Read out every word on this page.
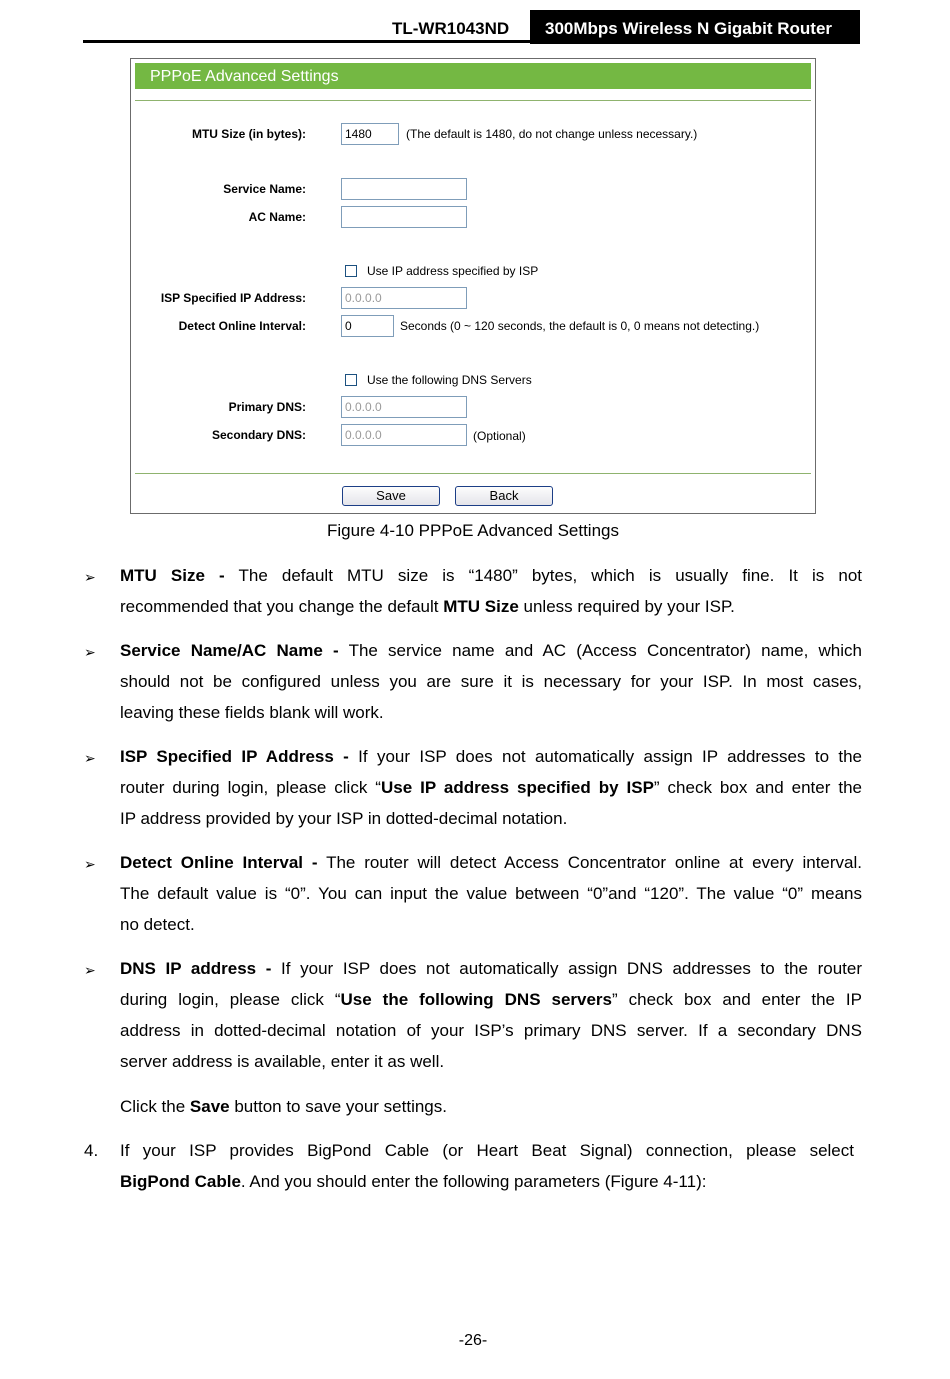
TL-WR1043ND	300Mbps Wireless N Gigabit Router
PPPoE Advanced Settings
MTU Size (in bytes):	1480	(The default is 1480, do not change unless necessary.)
Service Name:
AC Name:
Use IP address specified by ISP
ISP Specified IP Address:	0.0.0.0
Detect Online Interval:	0	Seconds (0 ~ 120 seconds, the default is 0, 0 means not detecting.)
Use the following DNS Servers
Primary DNS:	0.0.0.0
Secondary DNS:	0.0.0.0	(Optional)
Save	Back
Figure 4-10 PPPoE Advanced Settings
➢ MTU Size - The default MTU size is “1480” bytes, which is usually fine. It is not
recommended that you change the default MTU Size unless required by your ISP.
➢ Service Name/AC Name - The service name and AC (Access Concentrator) name, which
should not be configured unless you are sure it is necessary for your ISP. In most cases,
leaving these fields blank will work.
➢ ISP Specified IP Address - If your ISP does not automatically assign IP addresses to the
router during login, please click “Use IP address specified by ISP” check box and enter the
IP address provided by your ISP in dotted-decimal notation.
➢ Detect Online Interval - The router will detect Access Concentrator online at every interval.
The default value is “0”. You can input the value between “0”and “120”. The value “0” means
no detect.
➢ DNS IP address - If your ISP does not automatically assign DNS addresses to the router
during login, please click “Use the following DNS servers” check box and enter the IP
address in dotted-decimal notation of your ISP’s primary DNS server. If a secondary DNS
server address is available, enter it as well.
Click the Save button to save your settings.
4. If your ISP provides BigPond Cable (or Heart Beat Signal) connection, please select
BigPond Cable. And you should enter the following parameters (Figure 4-11):
-26-
